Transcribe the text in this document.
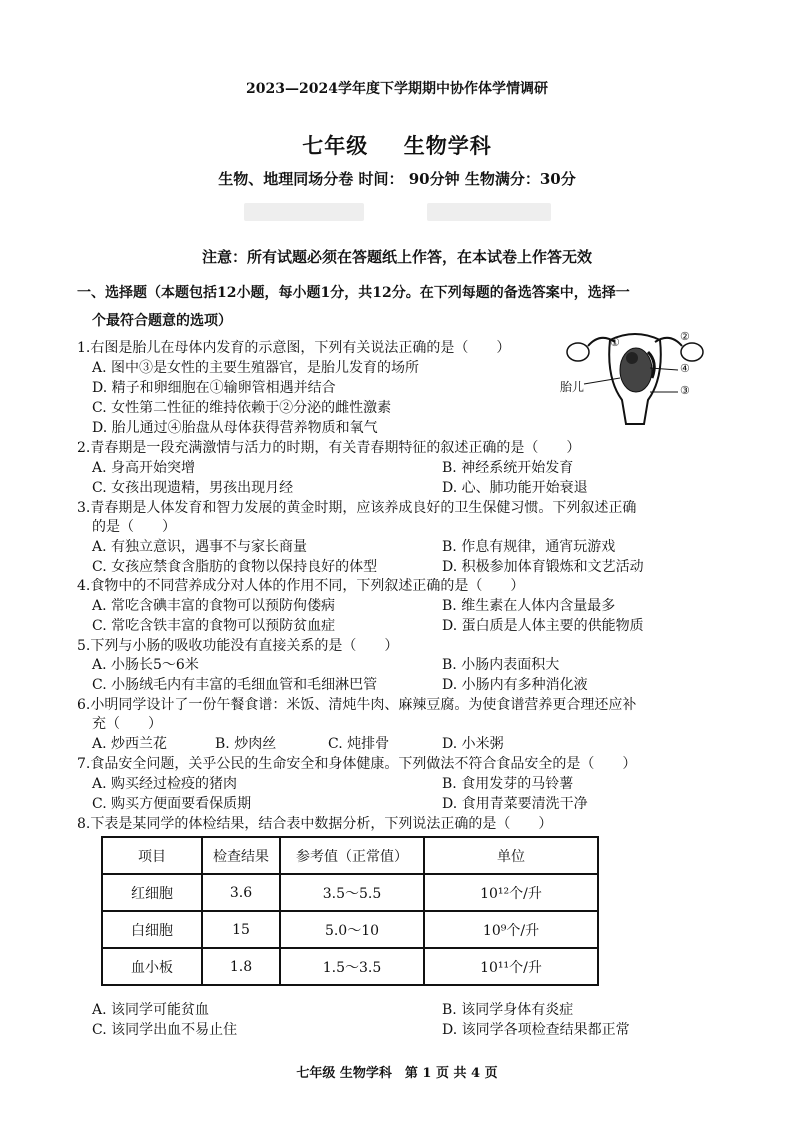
2023—2024学年度下学期期中协作体学情调研
七年级 生物学科
生物、地理同场分卷 时间： 90分钟 生物满分：30分
注意：所有试题必须在答题纸上作答，在本试卷上作答无效
一、选择题（本题包括12小题，每小题1分，共12分。在下列每题的备选答案中，选择一
个最符合题意的选项）
1.右图是胎儿在母体内发育的示意图，下列有关说法正确的是（　　）
A. 图中③是女性的主要生殖器官，是胎儿发育的场所
D. 精子和卵细胞在①输卵管相遇并结合
C. 女性第二性征的维持依赖于②分泌的雌性激素
D. 胎儿通过④胎盘从母体获得营养物质和氧气
胎儿
①	②
④
③
2.青春期是一段充满激情与活力的时期，有关青春期特征的叙述正确的是（　　）
A. 身高开始突增	B. 神经系统开始发育
C. 女孩出现遗精，男孩出现月经	D. 心、肺功能开始衰退
3.青春期是人体发育和智力发展的黄金时期，应该养成良好的卫生保健习惯。下列叙述正确
的是（　　）
A. 有独立意识，遇事不与家长商量	B. 作息有规律，通宵玩游戏
C. 女孩应禁食含脂肪的食物以保持良好的体型	D. 积极参加体育锻炼和文艺活动
4.食物中的不同营养成分对人体的作用不同，下列叙述正确的是（　　）
A. 常吃含碘丰富的食物可以预防佝偻病	B. 维生素在人体内含量最多
C. 常吃含铁丰富的食物可以预防贫血症	D. 蛋白质是人体主要的供能物质
5.下列与小肠的吸收功能没有直接关系的是（　　）
A. 小肠长5～6米	B. 小肠内表面积大
C. 小肠绒毛内有丰富的毛细血管和毛细淋巴管	D. 小肠内有多种消化液
6.小明同学设计了一份午餐食谱：米饭、清炖牛肉、麻辣豆腐。为使食谱营养更合理还应补
充（　　）
A. 炒西兰花	B. 炒肉丝	C. 炖排骨	D. 小米粥
7.食品安全问题，关乎公民的生命安全和身体健康。下列做法不符合食品安全的是（　　）
A. 购买经过检疫的猪肉	B. 食用发芽的马铃薯
C. 购买方便面要看保质期	D. 食用青菜要清洗干净
8.下表是某同学的体检结果，结合表中数据分析，下列说法正确的是（　　）
项目	检查结果	参考值（正常值）	单位
红细胞	3.6	3.5～5.5	10¹²个/升
白细胞	15	5.0～10	10⁹个/升
血小板	1.8	1.5～3.5	10¹¹个/升
A. 该同学可能贫血	B. 该同学身体有炎症
C. 该同学出血不易止住	D. 该同学各项检查结果都正常
七年级 生物学科　第 1 页 共 4 页
